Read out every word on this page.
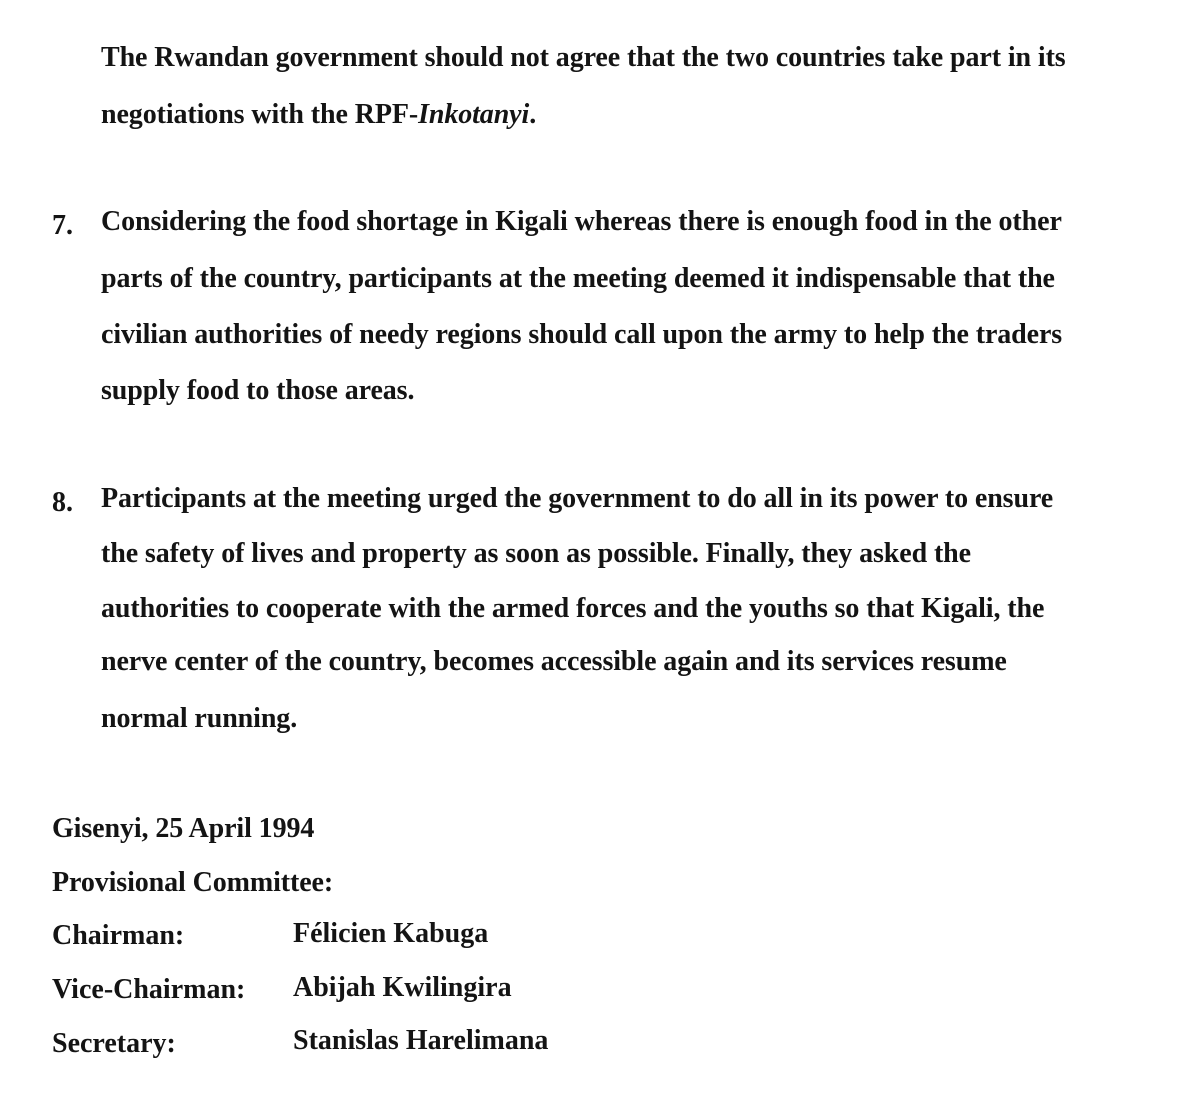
The Rwandan government should not agree that the two countries take part in its
negotiations with the RPF-Inkotanyi.
7. Considering the food shortage in Kigali whereas there is enough food in the other
parts of the country, participants at the meeting deemed it indispensable that the
civilian authorities of needy regions should call upon the army to help the traders
supply food to those areas.
8. Participants at the meeting urged the government to do all in its power to ensure
the safety of lives and property as soon as possible. Finally, they asked the
authorities to cooperate with the armed forces and the youths so that Kigali, the
nerve center of the country, becomes accessible again and its services resume
normal running.
Gisenyi, 25 April 1994
Provisional Committee:
Chairman:	Félicien Kabuga
Vice-Chairman: Abijah Kwilingira
Secretary:	Stanislas Harelimana
